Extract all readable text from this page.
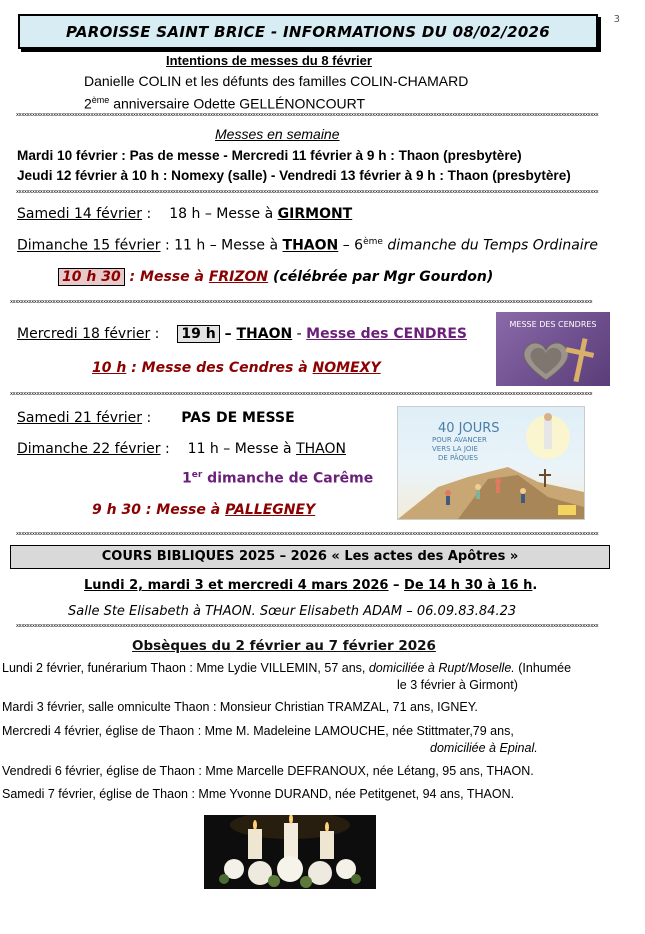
3
PAROISSE SAINT BRICE - INFORMATIONS DU 08/02/2026
Intentions de messes du 8 février
Danielle COLIN et les défunts des familles COLIN-CHAMARD
2ème anniversaire Odette GELLÉNONCOURT
xxxxxxxxxxxxxxxxxxxxxxxxxxxxxxxxxxxxxxxxxxxxxxxxxxxxxxxxxxxxxxxxxxxxxxxxxxxxxxxxxxxxxxxxxxxxxxxxxxxxxxxxxxxxxxxxxxxxxxxxxxxxxxxxxxxxxxxxxxxxxxxxxxxxxxxxxxxxxxxxxxxxxxxxxxxxxxxxxxxxxxxxxxxxxxxxxxxxxxxxxxxxxxxxxxxxxxxxxxx
Messes en semaine
Mardi 10 février : Pas de messe - Mercredi 11 février à 9 h : Thaon (presbytère)
Jeudi 12 février à 10 h : Nomexy (salle) - Vendredi 13 février à 9 h : Thaon (presbytère)
xxxxxxxxxxxxxxxxxxxxxxxxxxxxxxxxxxxxxxxxxxxxxxxxxxxxxxxxxxxxxxxxxxxxxxxxxxxxxxxxxxxxxxxxxxxxxxxxxxxxxxxxxxxxxxxxxxxxxxxxxxxxxxxxxxxxxxxxxxxxxxxxxxxxxxxxxxxxxxxxxxxxxxxxxxxxxxxxxxxxxxxxxxxxxxxxxxxxxxxxxxxxxxxxxxxxxxxxxxx
Samedi 14 février : 18 h – Messe à GIRMONT
Dimanche 15 février : 11 h – Messe à THAON – 6ème dimanche du Temps Ordinaire
10 h 30 : Messe à FRIZON (célébrée par Mgr Gourdon)
xxxxxxxxxxxxxxxxxxxxxxxxxxxxxxxxxxxxxxxxxxxxxxxxxxxxxxxxxxxxxxxxxxxxxxxxxxxxxxxxxxxxxxxxxxxxxxxxxxxxxxxxxxxxxxxxxxxxxxxxxxxxxxxxxxxxxxxxxxxxxxxxxxxxxxxxxxxxxxxxxxxxxxxxxxxxxxxxxxxxxxxxxxxxxxxxxxxxxxxxxxxxxxxxxxxxxxxxxxx
Mercredi 18 février : 19 h – THAON - Messe des CENDRES
10 h : Messe des Cendres à NOMEXY
MESSE DES CENDRES
xxxxxxxxxxxxxxxxxxxxxxxxxxxxxxxxxxxxxxxxxxxxxxxxxxxxxxxxxxxxxxxxxxxxxxxxxxxxxxxxxxxxxxxxxxxxxxxxxxxxxxxxxxxxxxxxxxxxxxxxxxxxxxxxxxxxxxxxxxxxxxxxxxxxxxxxxxxxxxxxxxxxxxxxxxxxxxxxxxxxxxxxxxxxxxxxxxxxxxxxxxxxxxxxxxxxxxxxxxx
Samedi 21 février : PAS DE MESSE
Dimanche 22 février : 11 h – Messe à THAON
1er dimanche de Carême
9 h 30 : Messe à PALLEGNEY
40 JOURS
POUR AVANCER
VERS LA JOIE
DE PÂQUES
xxxxxxxxxxxxxxxxxxxxxxxxxxxxxxxxxxxxxxxxxxxxxxxxxxxxxxxxxxxxxxxxxxxxxxxxxxxxxxxxxxxxxxxxxxxxxxxxxxxxxxxxxxxxxxxxxxxxxxxxxxxxxxxxxxxxxxxxxxxxxxxxxxxxxxxxxxxxxxxxxxxxxxxxxxxxxxxxxxxxxxxxxxxxxxxxxxxxxxxxxxxxxxxxxxxxxxxxxxx
COURS BIBLIQUES 2025 – 2026 « Les actes des Apôtres »
Lundi 2, mardi 3 et mercredi 4 mars 2026 – De 14 h 30 à 16 h.
Salle Ste Elisabeth à THAON. Sœur Elisabeth ADAM – 06.09.83.84.23
xxxxxxxxxxxxxxxxxxxxxxxxxxxxxxxxxxxxxxxxxxxxxxxxxxxxxxxxxxxxxxxxxxxxxxxxxxxxxxxxxxxxxxxxxxxxxxxxxxxxxxxxxxxxxxxxxxxxxxxxxxxxxxxxxxxxxxxxxxxxxxxxxxxxxxxxxxxxxxxxxxxxxxxxxxxxxxxxxxxxxxxxxxxxxxxxxxxxxxxxxxxxxxxxxxxxxxxxxxx
Obsèques du 2 février au 7 février 2026
Lundi 2 février, funérarium Thaon : Mme Lydie VILLEMIN, 57 ans, domiciliée à Rupt/Moselle. (Inhumée
le 3 février à Girmont)
Mardi 3 février, salle omniculte Thaon : Monsieur Christian TRAMZAL, 71 ans, IGNEY.
Mercredi 4 février, église de Thaon : Mme M. Madeleine LAMOUCHE, née Stittmater,79 ans,
domiciliée à Epinal.
Vendredi 6 février, église de Thaon : Mme Marcelle DEFRANOUX, née Létang, 95 ans, THAON.
Samedi 7 février, église de Thaon : Mme Yvonne DURAND, née Petitgenet, 94 ans, THAON.
